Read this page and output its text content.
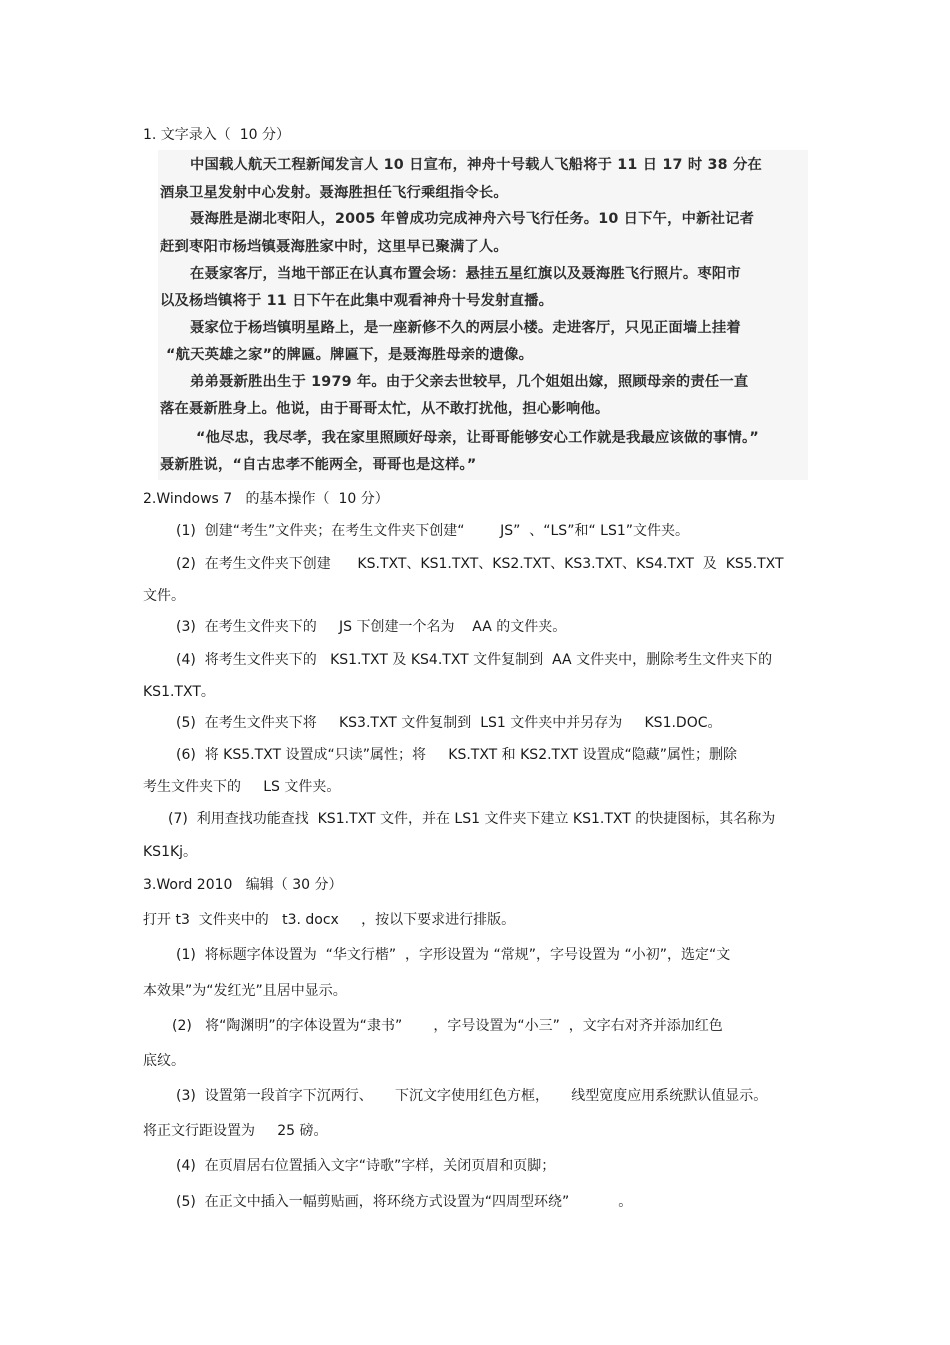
1. 文字录入（  10 分）
中国载人航天工程新闻发言人 10 日宣布，神舟十号载人飞船将于 11 日 17 时 38 分在
酒泉卫星发射中心发射。聂海胜担任飞行乘组指令长。
聂海胜是湖北枣阳人，2005 年曾成功完成神舟六号飞行任务。10 日下午，中新社记者
赶到枣阳市杨垱镇聂海胜家中时，这里早已聚满了人。
在聂家客厅，当地干部正在认真布置会场：悬挂五星红旗以及聂海胜飞行照片。枣阳市
以及杨垱镇将于 11 日下午在此集中观看神舟十号发射直播。
聂家位于杨垱镇明星路上，是一座新修不久的两层小楼。走进客厅，只见正面墙上挂着
“航天英雄之家”的牌匾。牌匾下，是聂海胜母亲的遗像。
弟弟聂新胜出生于 1979 年。由于父亲去世较早，几个姐姐出嫁，照顾母亲的责任一直
落在聂新胜身上。他说，由于哥哥太忙，从不敢打扰他，担心影响他。
“他尽忠，我尽孝，我在家里照顾好母亲，让哥哥能够安心工作就是我最应该做的事情。”
聂新胜说，“自古忠孝不能两全，哥哥也是这样。”
2.Windows 7   的基本操作（  10 分）
(1)  创建“考生”文件夹；在考生文件夹下创建“        JS”  、“LS”和“ LS1”文件夹。
(2)  在考生文件夹下创建      KS.TXT、KS1.TXT、KS2.TXT、KS3.TXT、KS4.TXT  及  KS5.TXT
文件。
(3)  在考生文件夹下的     JS 下创建一个名为    AA 的文件夹。
(4)  将考生文件夹下的   KS1.TXT 及 KS4.TXT 文件复制到  AA 文件夹中，删除考生文件夹下的
KS1.TXT。
(5)  在考生文件夹下将     KS3.TXT 文件复制到  LS1 文件夹中并另存为     KS1.DOC。
(6)  将 KS5.TXT 设置成“只读”属性；将     KS.TXT 和 KS2.TXT 设置成“隐藏”属性；删除
考生文件夹下的     LS 文件夹。
(7)  利用查找功能查找  KS1.TXT 文件，并在 LS1 文件夹下建立 KS1.TXT 的快捷图标，其名称为
KS1Kj。
3.Word 2010   编辑（ 30 分）
打开 t3  文件夹中的   t3. docx     ，按以下要求进行排版。
(1)  将标题字体设置为  “华文行楷”  ，字形设置为 “常规”，字号设置为 “小初”，选定“文
本效果”为“发红光”且居中显示。
(2)   将“陶渊明”的字体设置为“隶书”       ，字号设置为“小三”  ，文字右对齐并添加红色
底纹。
(3)  设置第一段首字下沉两行、     下沉文字使用红色方框，     线型宽度应用系统默认值显示。
将正文行距设置为     25 磅。
(4)  在页眉居右位置插入文字“诗歌”字样，关闭页眉和页脚；
(5)  在正文中插入一幅剪贴画，将环绕方式设置为“四周型环绕”           。
